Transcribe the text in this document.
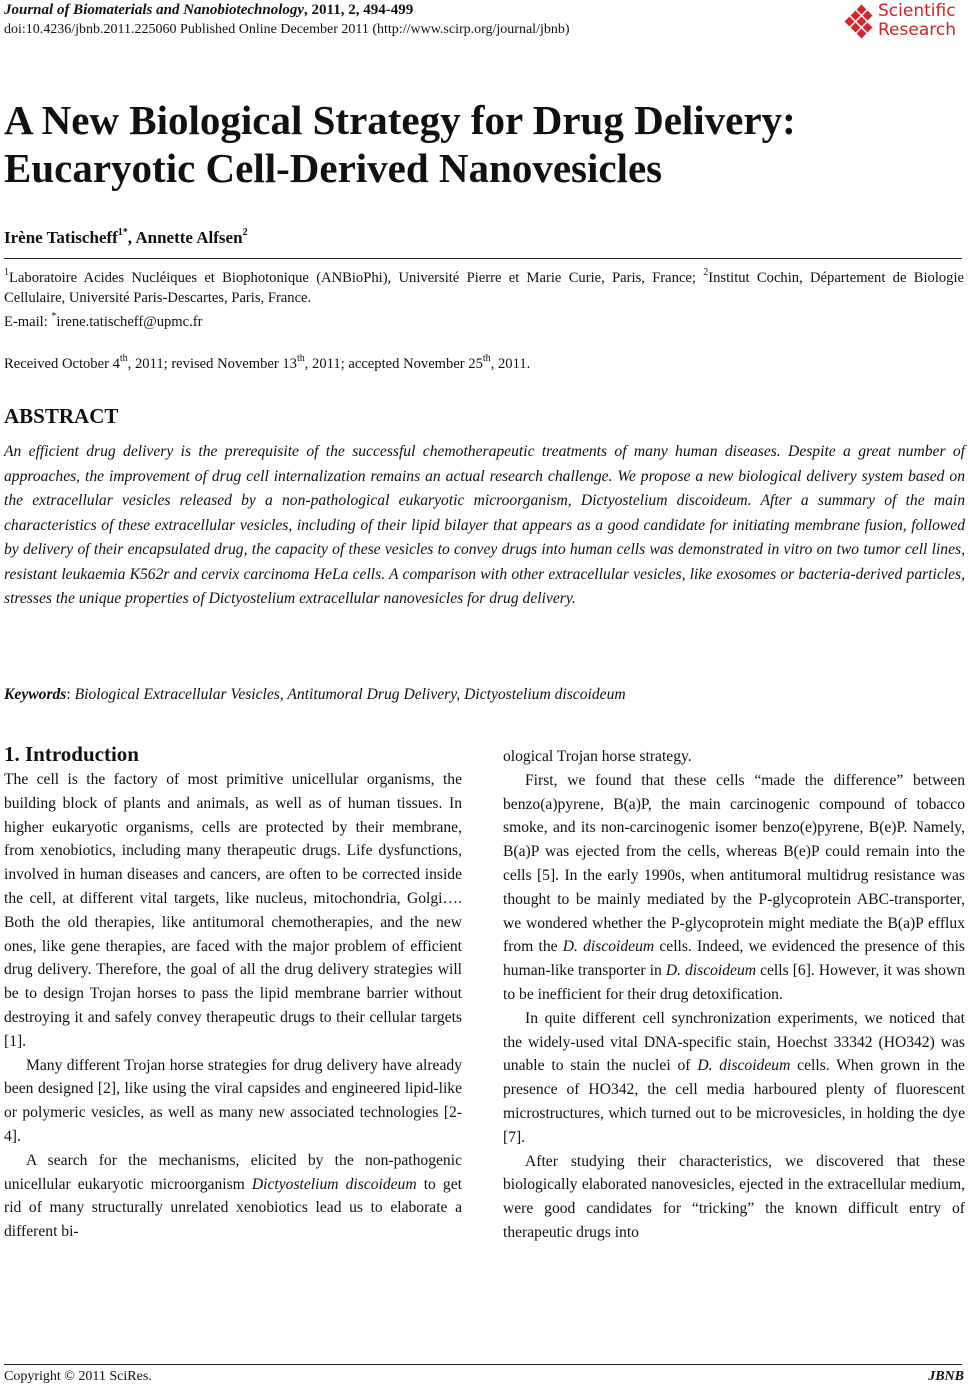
Journal of Biomaterials and Nanobiotechnology, 2011, 2, 494-499
doi:10.4236/jbnb.2011.225060 Published Online December 2011 (http://www.scirp.org/journal/jbnb)
Scientific
Research
A New Biological Strategy for Drug Delivery:
Eucaryotic Cell-Derived Nanovesicles
Irène Tatischeff$^{1*}$, Annette Alfsen$^2$
$^1$Laboratoire Acides Nucléiques et Biophotonique (ANBioPhi), Université Pierre et Marie Curie, Paris, France; $^2$Institut Cochin, Département de Biologie Cellulaire, Université Paris-Descartes, Paris, France.
E-mail: *irene.tatischeff@upmc.fr
Received October 4th, 2011; revised November 13th, 2011; accepted November 25th, 2011.
ABSTRACT

An efficient drug delivery is the prerequisite of the successful chemotherapeutic treatments of many human diseases. Despite a great number of approaches, the improvement of drug cell internalization remains an actual research challenge. We propose a new biological delivery system based on the extracellular vesicles released by a non-pathological eukaryotic microorganism, Dictyostelium discoideum. After a summary of the main characteristics of these extracellular vesicles, including of their lipid bilayer that appears as a good candidate for initiating membrane fusion, followed by delivery of their encapsulated drug, the capacity of these vesicles to convey drugs into human cells was demonstrated in vitro on two tumor cell lines, resistant leukaemia K562r and cervix carcinoma HeLa cells. A comparison with other extracellular vesicles, like exosomes or bacteria-derived particles, stresses the unique properties of Dictyostelium extracellular nanovesicles for drug delivery.

Keywords: Biological Extracellular Vesicles, Antitumoral Drug Delivery, Dictyostelium discoideum
1. Introduction

The cell is the factory of most primitive unicellular organisms, the building block of plants and animals, as well as of human tissues. In higher eukaryotic organisms, cells are protected by their membrane, from xenobiotics, including many therapeutic drugs. Life dysfunctions, involved in human diseases and cancers, are often to be corrected inside the cell, at different vital targets, like nucleus, mitochondria, Golgi…. Both the old therapies, like antitumoral chemotherapies, and the new ones, like gene therapies, are faced with the major problem of efficient drug delivery. Therefore, the goal of all the drug delivery strategies will be to design Trojan horses to pass the lipid membrane barrier without destroying it and safely convey therapeutic drugs to their cellular targets [1].

Many different Trojan horse strategies for drug delivery have already been designed [2], like using the viral capsides and engineered lipid-like or polymeric vesicles, as well as many new associated technologies [2-4].

A search for the mechanisms, elicited by the non-pathogenic unicellular eukaryotic microorganism Dictyostelium discoideum to get rid of many structurally unrelated xenobiotics lead us to elaborate a different bi-

ological Trojan horse strategy.

First, we found that these cells “made the difference” between benzo(a)pyrene, B(a)P, the main carcinogenic compound of tobacco smoke, and its non-carcinogenic isomer benzo(e)pyrene, B(e)P. Namely, B(a)P was ejected from the cells, whereas B(e)P could remain into the cells [5]. In the early 1990s, when antitumoral multidrug resistance was thought to be mainly mediated by the P-glycoprotein ABC-transporter, we wondered whether the P-glycoprotein might mediate the B(a)P efflux from the D. discoideum cells. Indeed, we evidenced the presence of this human-like transporter in D. discoideum cells [6]. However, it was shown to be inefficient for their drug detoxification.

In quite different cell synchronization experiments, we noticed that the widely-used vital DNA-specific stain, Hoechst 33342 (HO342) was unable to stain the nuclei of D. discoideum cells. When grown in the presence of HO342, the cell media harboured plenty of fluorescent microstructures, which turned out to be microvesicles, in holding the dye [7].

After studying their characteristics, we discovered that these biologically elaborated nanovesicles, ejected in the extracellular medium, were good candidates for “tricking” the known difficult entry of therapeutic drugs into

Copyright © 2011 SciRes.	JBNB
